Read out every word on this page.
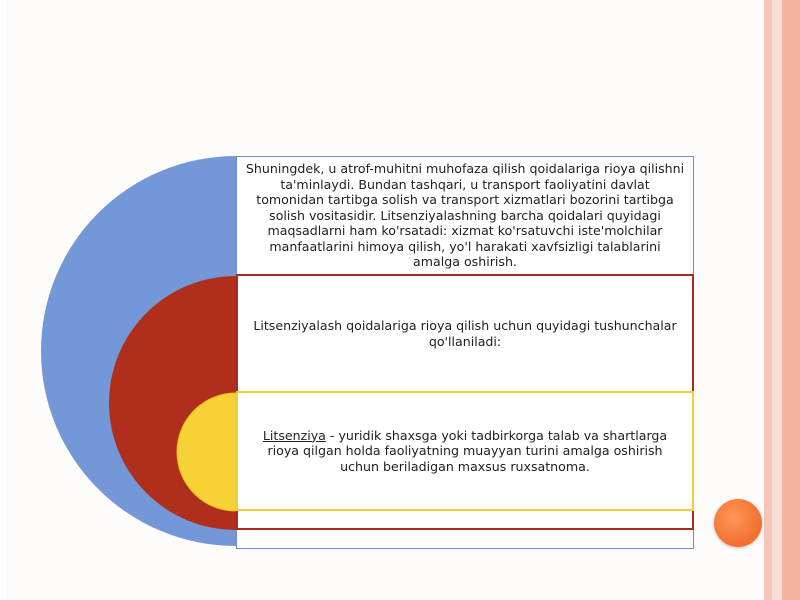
Shuningdek, u atrof-muhitni muhofaza qilish qoidalariga rioya qilishni ta'minlaydi. Bundan tashqari, u transport faoliyatini davlat tomonidan tartibga solish va transport xizmatlari bozorini tartibga solish vositasidir. Litsenziyalashning barcha qoidalari quyidagi maqsadlarni ham ko'rsatadi: xizmat ko'rsatuvchi iste'molchilar manfaatlarini himoya qilish, yo'l harakati xavfsizligi talablarini amalga oshirish.
Litsenziyalash qoidalariga rioya qilish uchun quyidagi tushunchalar qo'llaniladi:
Litsenziya - yuridik shaxsga yoki tadbirkorga talab va shartlarga rioya qilgan holda faoliyatning muayyan turini amalga oshirish uchun beriladigan maxsus ruxsatnoma.
